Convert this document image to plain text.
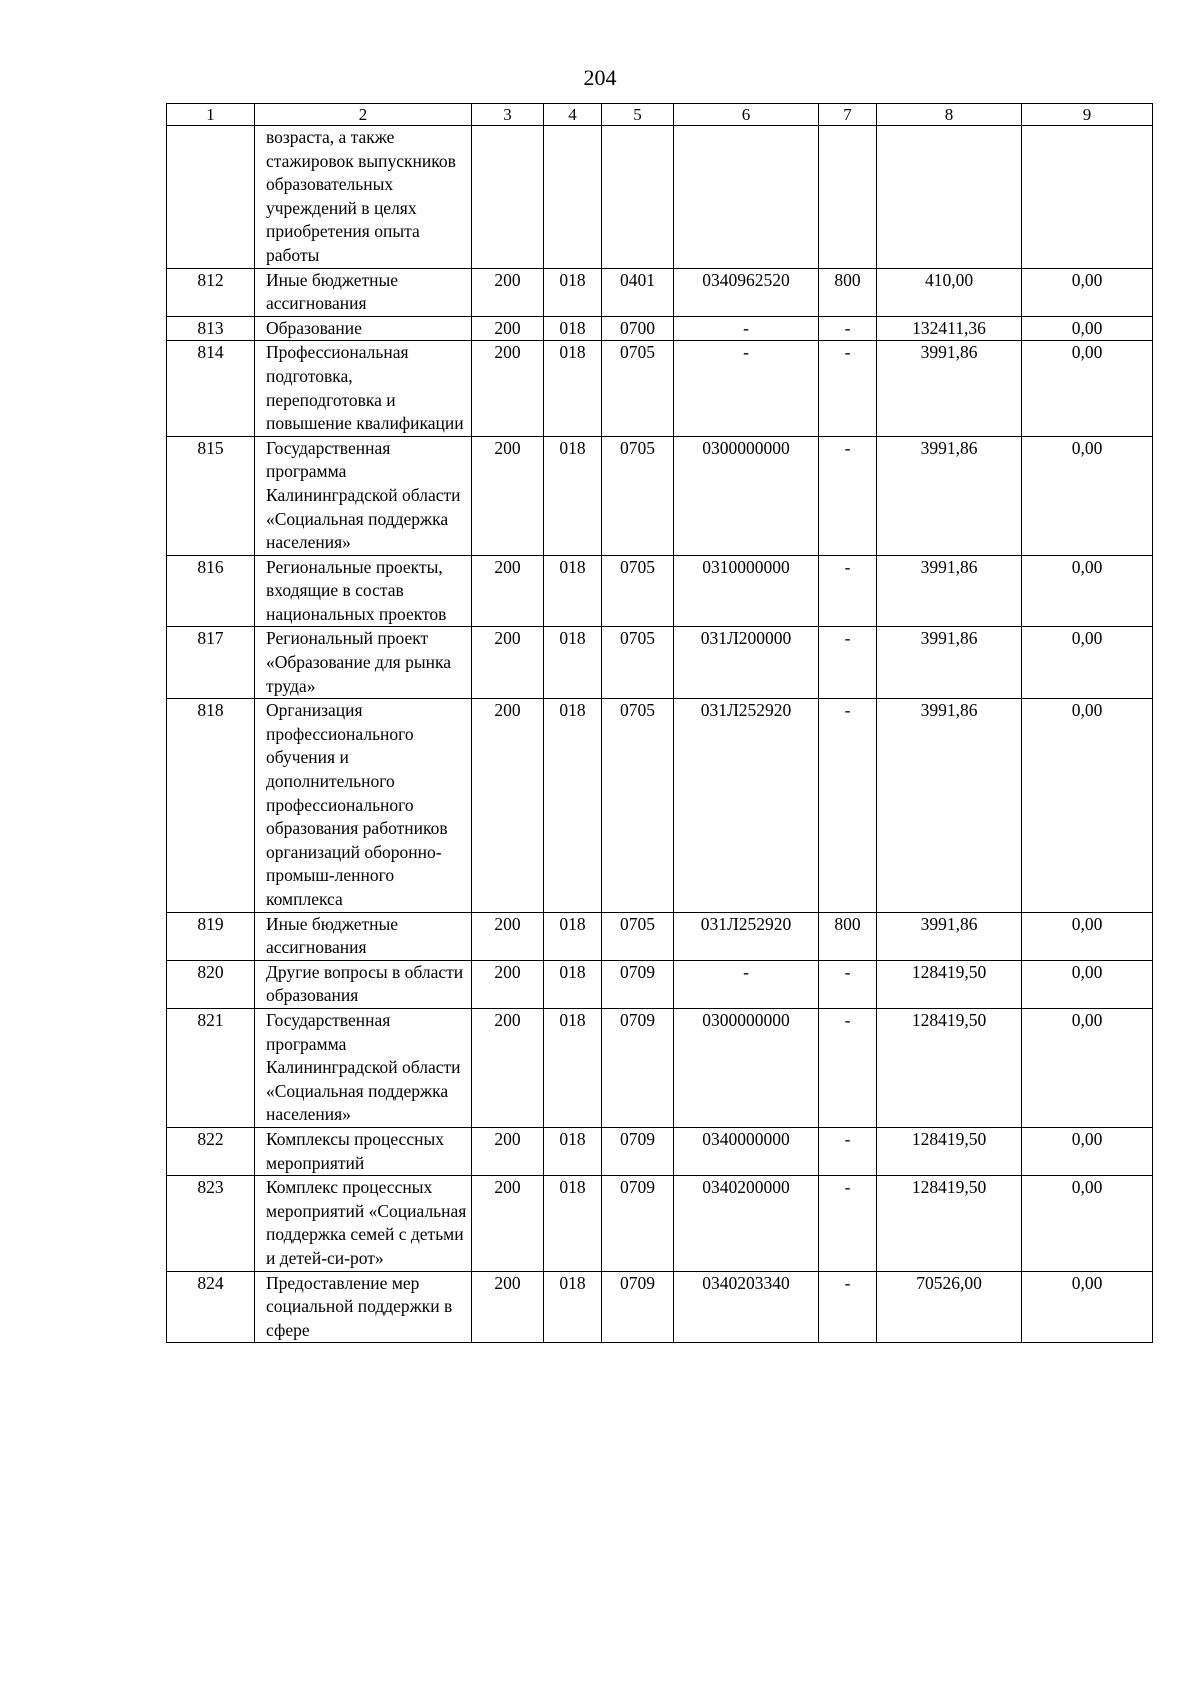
204
1	2	3	4	5	6	7	8	9
	возраста, а также стажировок выпускников образовательных учреждений в целях приобретения опыта работы							
812	Иные бюджетные ассигнования	200	018	0401	0340962520	800	410,00	0,00
813	Образование	200	018	0700	-	-	132411,36	0,00
814	Профессиональная подготовка, переподготовка и повышение квалификации	200	018	0705	-	-	3991,86	0,00
815	Государственная программа Калининградской области «Социальная поддержка населения»	200	018	0705	0300000000	-	3991,86	0,00
816	Региональные проекты, входящие в состав национальных проектов	200	018	0705	0310000000	-	3991,86	0,00
817	Региональный проект «Образование для рынка труда»	200	018	0705	031Л200000	-	3991,86	0,00
818	Организация профессионального обучения и дополнительного профессионального образования работников организаций оборонно-промыш-ленного комплекса	200	018	0705	031Л252920	-	3991,86	0,00
819	Иные бюджетные ассигнования	200	018	0705	031Л252920	800	3991,86	0,00
820	Другие вопросы в области образования	200	018	0709	-	-	128419,50	0,00
821	Государственная программа Калининградской области «Социальная поддержка населения»	200	018	0709	0300000000	-	128419,50	0,00
822	Комплексы процессных мероприятий	200	018	0709	0340000000	-	128419,50	0,00
823	Комплекс процессных мероприятий «Социальная поддержка семей с детьми и детей-си-рот»	200	018	0709	0340200000	-	128419,50	0,00
824	Предоставление мер социальной поддержки в сфере	200	018	0709	0340203340	-	70526,00	0,00
